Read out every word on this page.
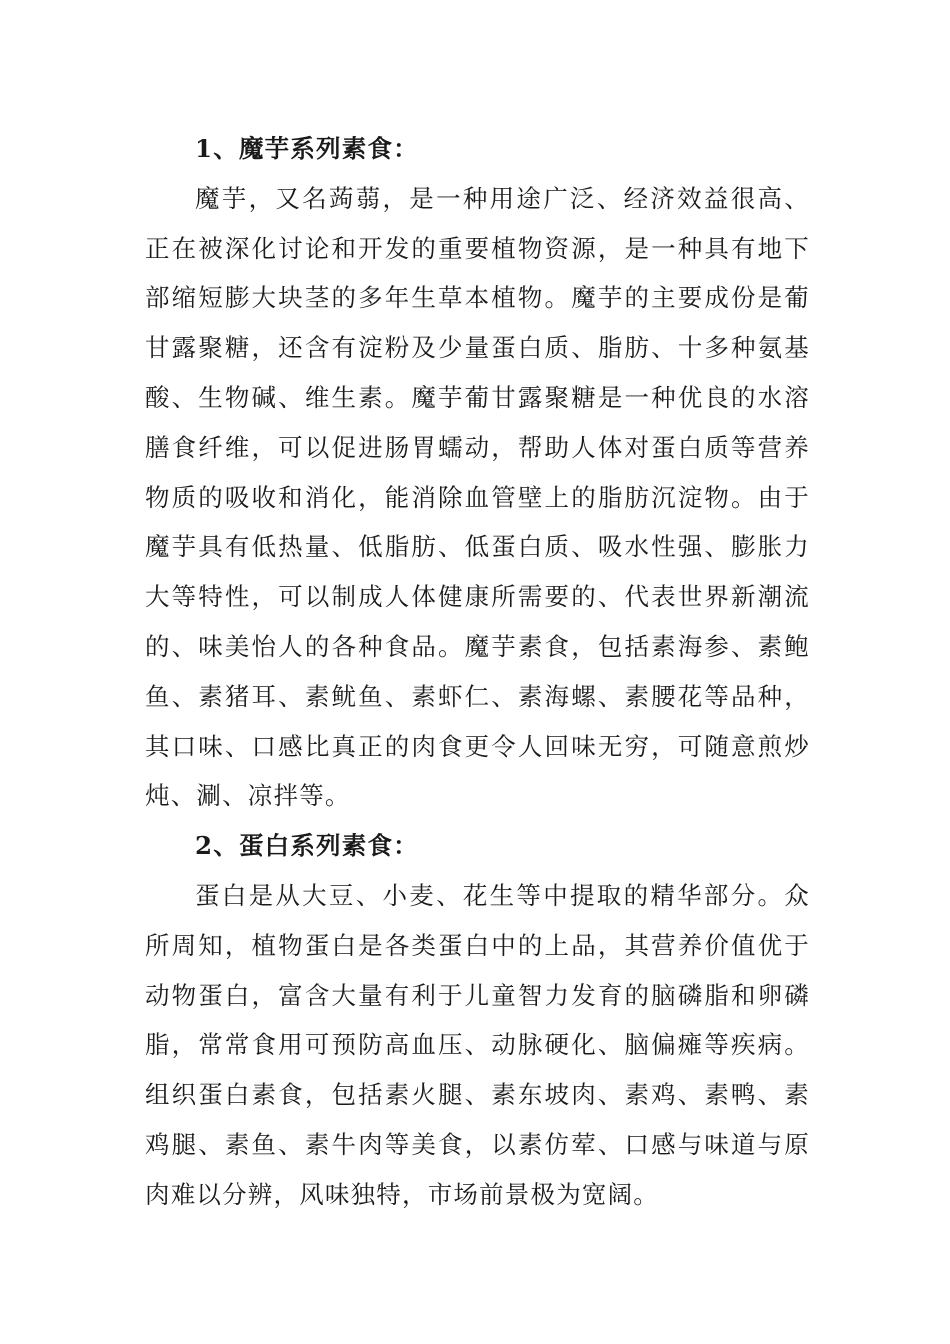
1、魔芋系列素食：

魔芋，又名蒟蒻，是一种用途广泛、经济效益很高、正在被深化讨论和开发的重要植物资源，是一种具有地下部缩短膨大块茎的多年生草本植物。魔芋的主要成份是葡甘露聚糖，还含有淀粉及少量蛋白质、脂肪、十多种氨基酸、生物碱、维生素。魔芋葡甘露聚糖是一种优良的水溶膳食纤维，可以促进肠胃蠕动，帮助人体对蛋白质等营养物质的吸收和消化，能消除血管壁上的脂肪沉淀物。由于魔芋具有低热量、低脂肪、低蛋白质、吸水性强、膨胀力大等特性，可以制成人体健康所需要的、代表世界新潮流的、味美怡人的各种食品。魔芋素食，包括素海参、素鲍鱼、素猪耳、素鱿鱼、素虾仁、素海螺、素腰花等品种，其口味、口感比真正的肉食更令人回味无穷，可随意煎炒炖、涮、凉拌等。

2、蛋白系列素食：

蛋白是从大豆、小麦、花生等中提取的精华部分。众所周知，植物蛋白是各类蛋白中的上品，其营养价值优于动物蛋白，富含大量有利于儿童智力发育的脑磷脂和卵磷脂，常常食用可预防高血压、动脉硬化、脑偏瘫等疾病。组织蛋白素食，包括素火腿、素东坡肉、素鸡、素鸭、素鸡腿、素鱼、素牛肉等美食，以素仿荤、口感与味道与原肉难以分辨，风味独特，市场前景极为宽阔。
